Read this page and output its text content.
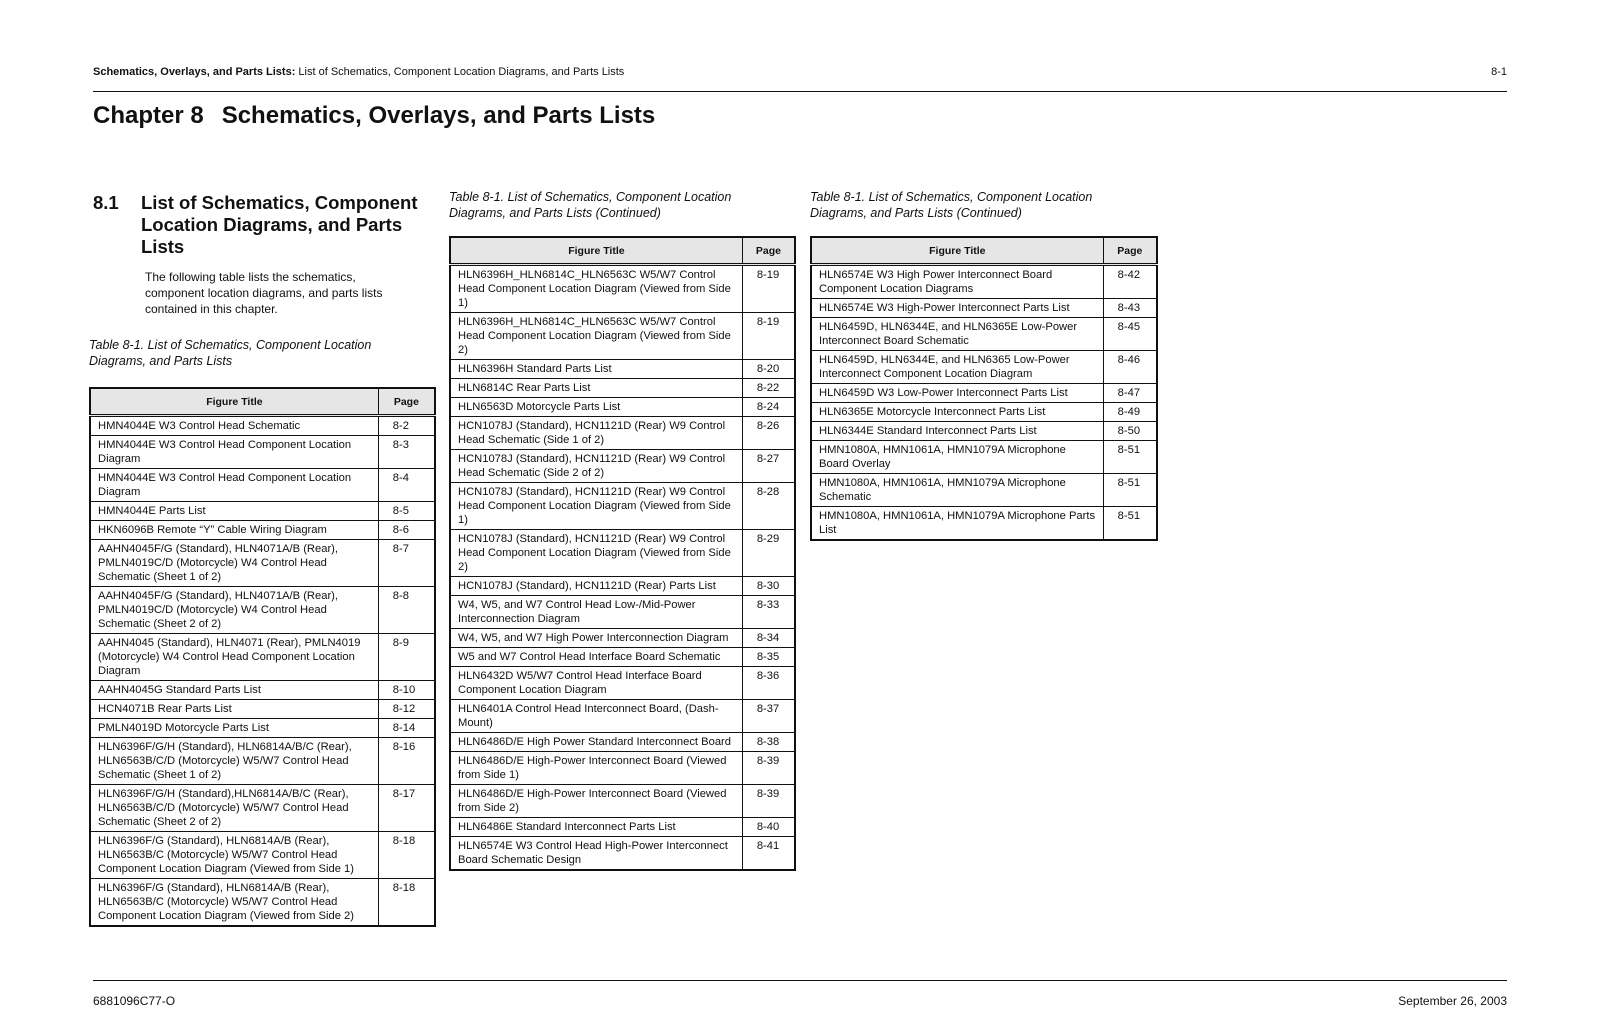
Schematics, Overlays, and Parts Lists: List of Schematics, Component Location Diagrams, and Parts Lists	8-1
Chapter 8 Schematics, Overlays, and Parts Lists
8.1 List of Schematics, Component Location Diagrams, and Parts Lists
The following table lists the schematics, component location diagrams, and parts lists contained in this chapter.
Table 8-1. List of Schematics, Component Location Diagrams, and Parts Lists
Table 8-1. List of Schematics, Component Location Diagrams, and Parts Lists (Continued)
Table 8-1. List of Schematics, Component Location Diagrams, and Parts Lists (Continued)
Figure Title	Page
HMN4044E W3 Control Head Schematic	8-2
HMN4044E W3 Control Head Component Location Diagram	8-3
HMN4044E W3 Control Head Component Location Diagram	8-4
HMN4044E Parts List	8-5
HKN6096B Remote “Y” Cable Wiring Diagram	8-6
AAHN4045F/G (Standard), HLN4071A/B (Rear), PMLN4019C/D (Motorcycle) W4 Control Head Schematic (Sheet 1 of 2)	8-7
AAHN4045F/G (Standard), HLN4071A/B (Rear), PMLN4019C/D (Motorcycle) W4 Control Head Schematic (Sheet 2 of 2)	8-8
AAHN4045 (Standard), HLN4071 (Rear), PMLN4019 (Motorcycle) W4 Control Head Component Location Diagram	8-9
AAHN4045G Standard Parts List	8-10
HCN4071B Rear Parts List	8-12
PMLN4019D Motorcycle Parts List	8-14
HLN6396F/G/H (Standard), HLN6814A/B/C (Rear), HLN6563B/C/D (Motorcycle) W5/W7 Control Head Schematic (Sheet 1 of 2)	8-16
HLN6396F/G/H (Standard),HLN6814A/B/C (Rear), HLN6563B/C/D (Motorcycle) W5/W7 Control Head Schematic (Sheet 2 of 2)	8-17
HLN6396F/G (Standard), HLN6814A/B (Rear), HLN6563B/C (Motorcycle) W5/W7 Control Head Component Location Diagram (Viewed from Side 1)	8-18
HLN6396F/G (Standard), HLN6814A/B (Rear), HLN6563B/C (Motorcycle) W5/W7 Control Head Component Location Diagram (Viewed from Side 2)	8-18
Figure Title	Page
HLN6396H_HLN6814C_HLN6563C W5/W7 Control Head Component Location Diagram (Viewed from Side 1)	8-19
HLN6396H_HLN6814C_HLN6563C W5/W7 Control Head Component Location Diagram (Viewed from Side 2)	8-19
HLN6396H Standard Parts List	8-20
HLN6814C Rear Parts List	8-22
HLN6563D Motorcycle Parts List	8-24
HCN1078J (Standard), HCN1121D (Rear) W9 Control Head Schematic (Side 1 of 2)	8-26
HCN1078J (Standard), HCN1121D (Rear) W9 Control Head Schematic (Side 2 of 2)	8-27
HCN1078J (Standard), HCN1121D (Rear) W9 Control Head Component Location Diagram (Viewed from Side 1)	8-28
HCN1078J (Standard), HCN1121D (Rear) W9 Control Head Component Location Diagram (Viewed from Side 2)	8-29
HCN1078J (Standard), HCN1121D (Rear) Parts List	8-30
W4, W5, and W7 Control Head Low-/Mid-Power Interconnection Diagram	8-33
W4, W5, and W7 High Power Interconnection Diagram	8-34
W5 and W7 Control Head Interface Board Schematic	8-35
HLN6432D W5/W7 Control Head Interface Board Component Location Diagram	8-36
HLN6401A Control Head Interconnect Board, (Dash-Mount)	8-37
HLN6486D/E High Power Standard Interconnect Board	8-38
HLN6486D/E High-Power Interconnect Board (Viewed from Side 1)	8-39
HLN6486D/E High-Power Interconnect Board (Viewed from Side 2)	8-39
HLN6486E Standard Interconnect Parts List	8-40
HLN6574E W3 Control Head High-Power Interconnect Board Schematic Design	8-41
Figure Title	Page
HLN6574E W3 High Power Interconnect Board Component Location Diagrams	8-42
HLN6574E W3 High-Power Interconnect Parts List	8-43
HLN6459D, HLN6344E, and HLN6365E Low-Power Interconnect Board Schematic	8-45
HLN6459D, HLN6344E, and HLN6365 Low-Power Interconnect Component Location Diagram	8-46
HLN6459D W3 Low-Power Interconnect Parts List	8-47
HLN6365E Motorcycle Interconnect Parts List	8-49
HLN6344E Standard Interconnect Parts List	8-50
HMN1080A, HMN1061A, HMN1079A Microphone Board Overlay	8-51
HMN1080A, HMN1061A, HMN1079A Microphone Schematic	8-51
HMN1080A, HMN1061A, HMN1079A Microphone Parts List	8-51
6881096C77-O	September 26, 2003
